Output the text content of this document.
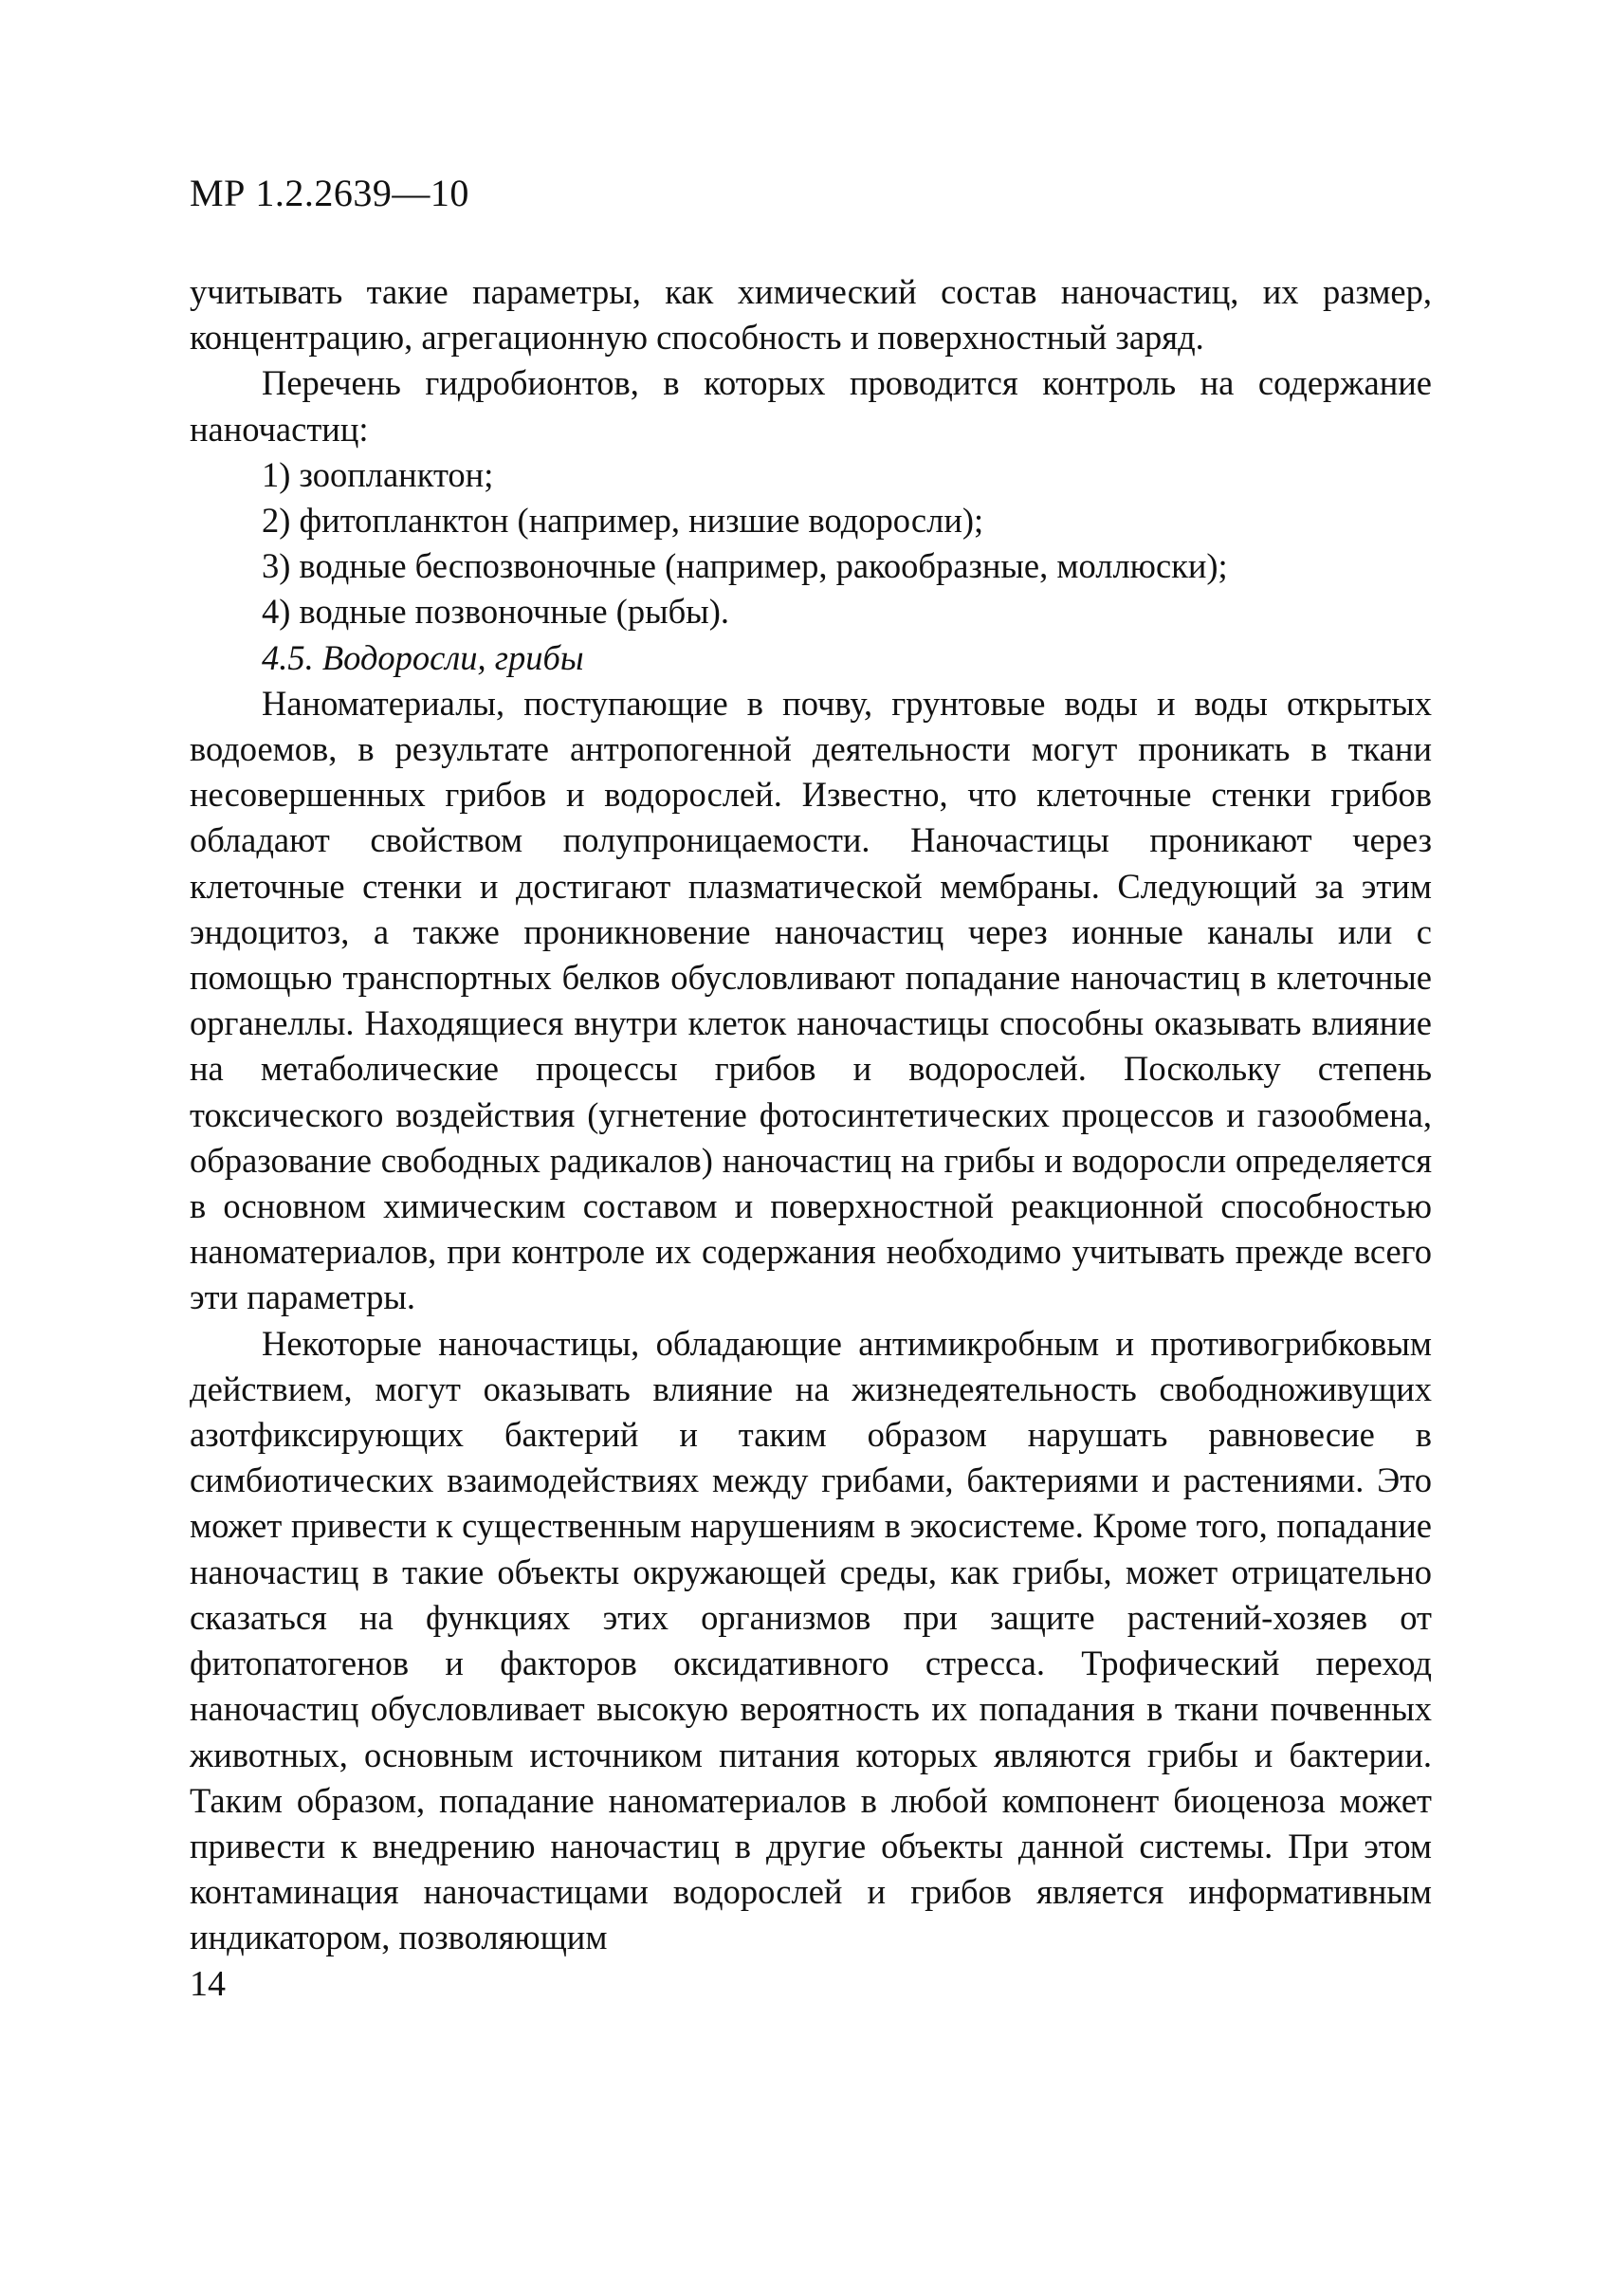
МР 1.2.2639—10

учитывать такие параметры, как химический состав наночастиц, их размер, концентрацию, агрегационную способность и поверхностный заряд.

Перечень гидробионтов, в которых проводится контроль на содержание наночастиц:

1) зоопланктон;

2) фитопланктон (например, низшие водоросли);

3) водные беспозвоночные (например, ракообразные, моллюски);

4) водные позвоночные (рыбы).

4.5. Водоросли, грибы

Наноматериалы, поступающие в почву, грунтовые воды и воды открытых водоемов, в результате антропогенной деятельности могут проникать в ткани несовершенных грибов и водорослей. Известно, что клеточные стенки грибов обладают свойством полупроницаемости. Наночастицы проникают через клеточные стенки и достигают плазматической мембраны. Следующий за этим эндоцитоз, а также проникновение наночастиц через ионные каналы или с помощью транспортных белков обусловливают попадание наночастиц в клеточные органеллы. Находящиеся внутри клеток наночастицы способны оказывать влияние на метаболические процессы грибов и водорослей. Поскольку степень токсического воздействия (угнетение фотосинтетических процессов и газообмена, образование свободных радикалов) наночастиц на грибы и водоросли определяется в основном химическим составом и поверхностной реакционной способностью наноматериалов, при контроле их содержания необходимо учитывать прежде всего эти параметры.

Некоторые наночастицы, обладающие антимикробным и противогрибковым действием, могут оказывать влияние на жизнедеятельность свободноживущих азотфиксирующих бактерий и таким образом нарушать равновесие в симбиотических взаимодействиях между грибами, бактериями и растениями. Это может привести к существенным нарушениям в экосистеме. Кроме того, попадание наночастиц в такие объекты окружающей среды, как грибы, может отрицательно сказаться на функциях этих организмов при защите растений-хозяев от фитопатогенов и факторов оксидативного стресса. Трофический переход наночастиц обусловливает высокую вероятность их попадания в ткани почвенных животных, основным источником питания которых являются грибы и бактерии. Таким образом, попадание наноматериалов в любой компонент биоценоза может привести к внедрению наночастиц в другие объекты данной системы. При этом контаминация наночастицами водорослей и грибов является информативным индикатором, позволяющим

14
